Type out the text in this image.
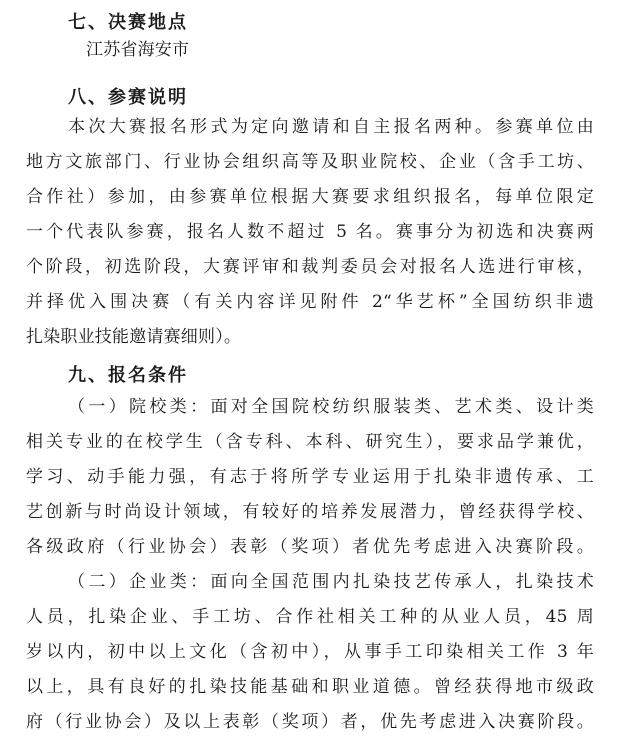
七、决赛地点
江苏省海安市
八、参赛说明
本次大赛报名形式为定向邀请和自主报名两种。参赛单位由
地方文旅部门、行业协会组织高等及职业院校、企业（含手工坊、
合作社）参加，由参赛单位根据大赛要求组织报名，每单位限定
一个代表队参赛，报名人数不超过 5 名。赛事分为初选和决赛两
个阶段，初选阶段，大赛评审和裁判委员会对报名人选进行审核，
并择优入围决赛（有关内容详见附件 2“华艺杯”全国纺织非遗
扎染职业技能邀请赛细则）。
九、报名条件
（一）院校类：面对全国院校纺织服装类、艺术类、设计类
相关专业的在校学生（含专科、本科、研究生），要求品学兼优，
学习、动手能力强，有志于将所学专业运用于扎染非遗传承、工
艺创新与时尚设计领域，有较好的培养发展潜力，曾经获得学校、
各级政府（行业协会）表彰（奖项）者优先考虑进入决赛阶段。
（二）企业类：面向全国范围内扎染技艺传承人，扎染技术
人员，扎染企业、手工坊、合作社相关工种的从业人员，45 周
岁以内，初中以上文化（含初中），从事手工印染相关工作 3 年
以上，具有良好的扎染技能基础和职业道德。曾经获得地市级政
府（行业协会）及以上表彰（奖项）者，优先考虑进入决赛阶段。
